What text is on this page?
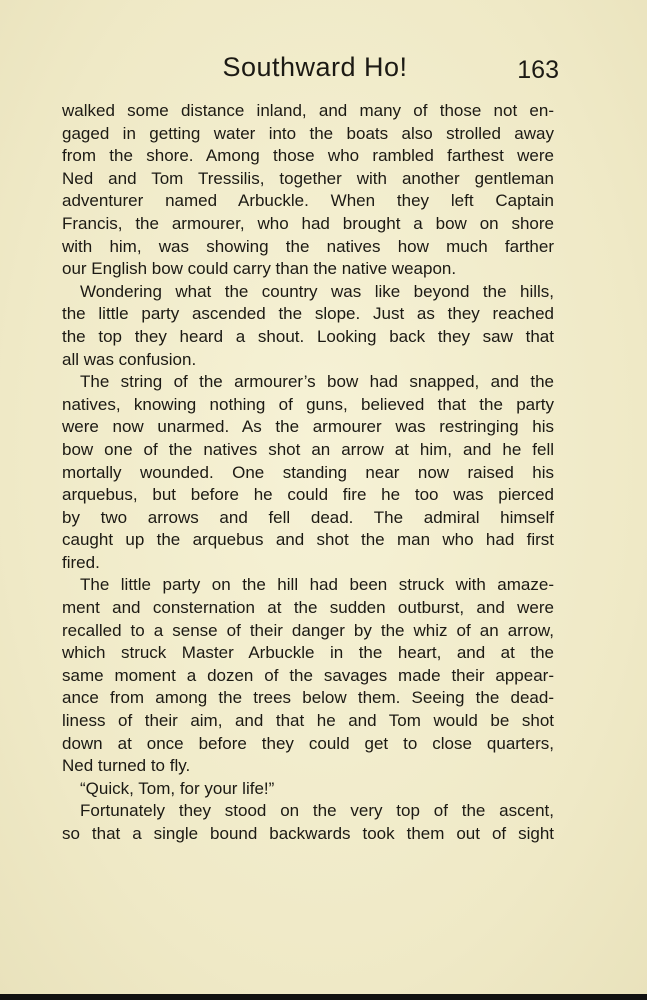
Southward Ho!	163
walked some distance inland, and many of those not en-
gaged in getting water into the boats also strolled away
from the shore. Among those who rambled farthest were
Ned and Tom Tressilis, together with another gentleman
adventurer named Arbuckle. When they left Captain
Francis, the armourer, who had brought a bow on shore
with him, was showing the natives how much farther
our English bow could carry than the native weapon.
Wondering what the country was like beyond the hills,
the little party ascended the slope. Just as they reached
the top they heard a shout. Looking back they saw that
all was confusion.
The string of the armourer’s bow had snapped, and the
natives, knowing nothing of guns, believed that the party
were now unarmed. As the armourer was restringing his
bow one of the natives shot an arrow at him, and he fell
mortally wounded. One standing near now raised his
arquebus, but before he could fire he too was pierced
by two arrows and fell dead. The admiral himself
caught up the arquebus and shot the man who had first
fired.
The little party on the hill had been struck with amaze-
ment and consternation at the sudden outburst, and were
recalled to a sense of their danger by the whiz of an arrow,
which struck Master Arbuckle in the heart, and at the
same moment a dozen of the savages made their appear-
ance from among the trees below them. Seeing the dead-
liness of their aim, and that he and Tom would be shot
down at once before they could get to close quarters,
Ned turned to fly.
“Quick, Tom, for your life!”
Fortunately they stood on the very top of the ascent,
so that a single bound backwards took them out of sight
